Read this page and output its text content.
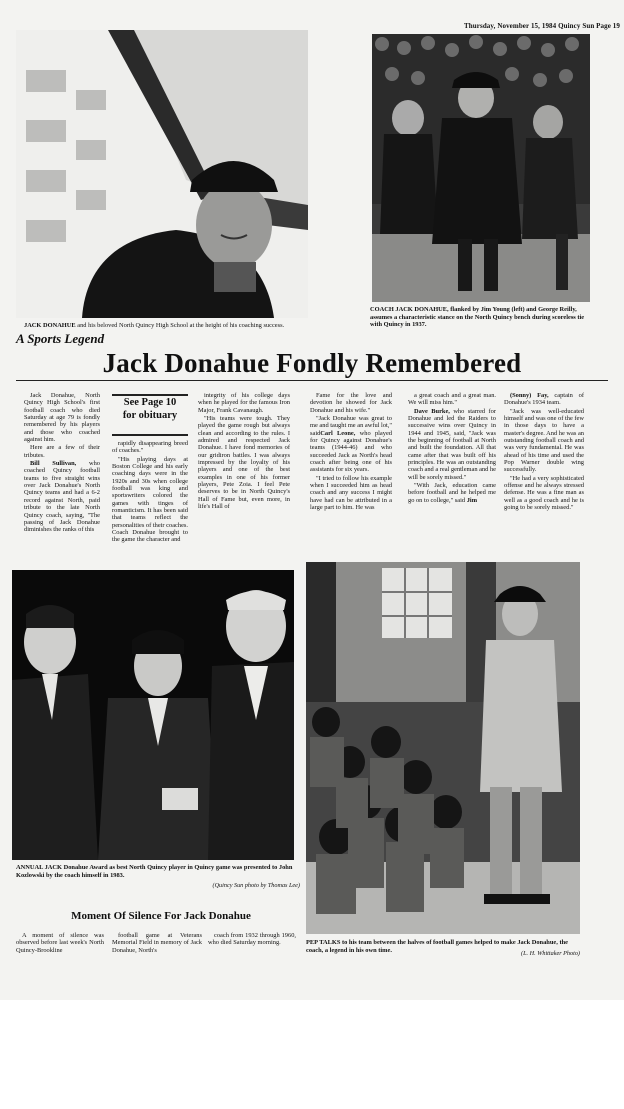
Thursday, November 15, 1984 Quincy Sun Page 19
JACK DONAHUE and his beloved North Quincy High School at the height of his coaching success.
COACH JACK DONAHUE, flanked by Jim Young (left) and George Reilly, assumes a characteristic stance on the North Quincy bench during scoreless tie with Quincy in 1937.
A Sports Legend
Jack Donahue Fondly Remembered

Jack Donahue, North Quincy High School's first football coach who died Saturday at age 79 is fondly remembered by his players and those who coached against him.

Here are a few of their tributes.

Bill Sullivan, who coached Quincy football teams to five straight wins over Jack Donahue's North Quincy teams and had a 6-2 record against North, paid tribute to the late North Quincy coach, saying, "The passing of Jack Donahue diminishes the ranks of this

See Page 10
for obituary

rapidly disappearing breed of coaches."

"His playing days at Boston College and his early coaching days were in the 1920s and 30s when college football was king and sportswriters colored the games with tinges of romanticism. It has been said that teams reflect the personalities of their coaches. Coach Donahue brought to the game the character and

integrity of his college days when he played for the famous Iron Major, Frank Cavanaugh.

"His teams were tough. They played the game rough but always clean and according to the rules. I admired and respected Jack Donahue. I have fond memories of our gridiron battles. I was always impressed by the loyalty of his players and one of the best examples in one of his former players, Pete Zoia. I feel Pete deserves to be in North Quincy's Hall of Fame but, even more, in life's Hall of

Fame for the love and devotion he showed for Jack Donahue and his wife."

"Jack Donahue was great to me and taught me an awful lot," saidCarl Leone, who played for Quincy against Donahue's teams (1944-46) and who succeeded Jack as North's head coach after being one of his assistants for six years.

"I tried to follow his example when I succeeded him as head coach and any success I might have had can be attributed in a large part to him. He was

a great coach and a great man. We will miss him."

Dave Burke, who starred for Donahue and led the Raiders to successive wins over Quincy in 1944 and 1945, said, "Jack was the beginning of football at North and built the foundation. All that came after that was built off his principles. He was an outstanding coach and a real gentleman and he will be sorely missed."

"With Jack, education came before football and he helped me go on to college," said Jim

(Sonny) Fay, captain of Donahue's 1934 team.

"Jack was well-educated himself and was one of the few in those days to have a master's degree. And he was an outstanding football coach and was very fundamental. He was ahead of his time and used the Pop Warner double wing successfully.

"He had a very sophisticated offense and he always stressed defense. He was a fine man as well as a good coach and he is going to be sorely missed."

ANNUAL JACK Donahue Award as best North Quincy player in Quincy game was presented to John Kozlowski by the coach himself in 1983.
(Quincy Sun photo by Thomas Lee)
PEP TALKS to his team between the halves of football games helped to make Jack Donahue, the coach, a legend in his own time.	(L. H. Whittaker Photo)
Moment Of Silence For Jack Donahue

A moment of silence was observed before last week's North Quincy-Brookline

football game at Veterans Memorial Field in memory of Jack Donahue, North's

coach from 1932 through 1960, who died Saturday morning.
